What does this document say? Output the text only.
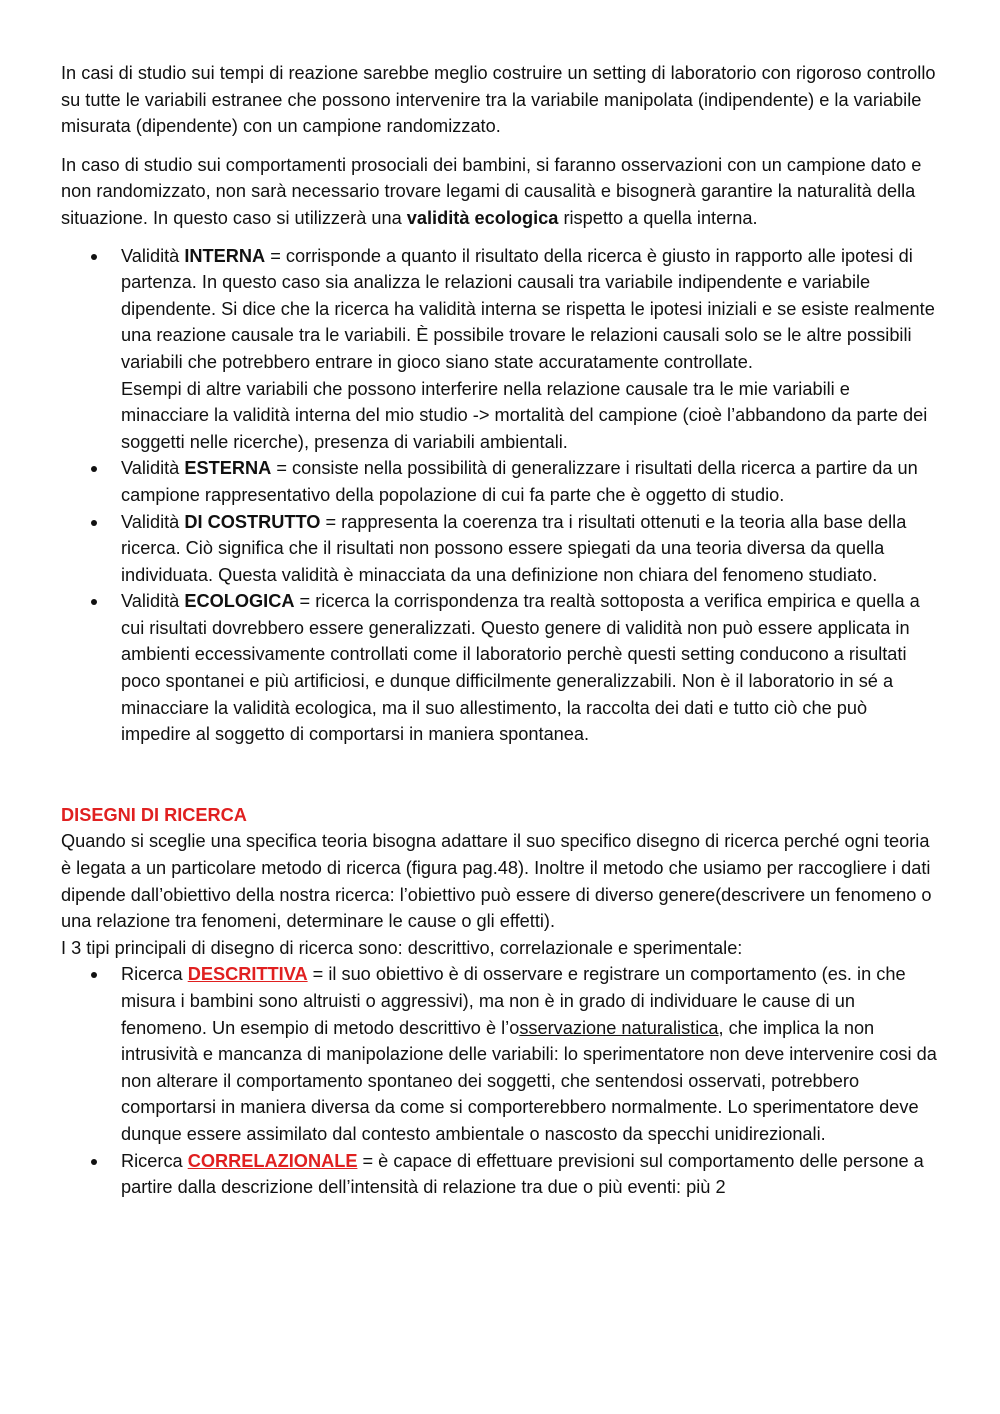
In casi di studio sui tempi di reazione sarebbe meglio costruire un setting di laboratorio con rigoroso controllo su tutte le variabili estranee che possono intervenire tra la variabile manipolata (indipendente) e la variabile misurata (dipendente) con un campione randomizzato.

In caso di studio sui comportamenti prosociali dei bambini, si faranno osservazioni con un campione dato e non randomizzato, non sarà necessario trovare legami di causalità e bisognerà garantire la naturalità della situazione. In questo caso si utilizzerà una validità ecologica rispetto a quella interna.

Validità INTERNA = corrisponde a quanto il risultato della ricerca è giusto in rapporto alle ipotesi di partenza. In questo caso sia analizza le relazioni causali tra variabile indipendente e variabile dipendente. Si dice che la ricerca ha validità interna se rispetta le ipotesi iniziali e se esiste realmente una reazione causale tra le variabili. È possibile trovare le relazioni causali solo se le altre possibili variabili che potrebbero entrare in gioco siano state accuratamente controllate.
Esempi di altre variabili che possono interferire nella relazione causale tra le mie variabili e minacciare la validità interna del mio studio -> mortalità del campione (cioè l’abbandono da parte dei soggetti nelle ricerche), presenza di variabili ambientali.
Validità ESTERNA = consiste nella possibilità di generalizzare i risultati della ricerca a partire da un campione rappresentativo della popolazione di cui fa parte che è oggetto di studio.
Validità DI COSTRUTTO = rappresenta la coerenza tra i risultati ottenuti e la teoria alla base della ricerca. Ciò significa che il risultati non possono essere spiegati da una teoria diversa da quella individuata. Questa validità è minacciata da una definizione non chiara del fenomeno studiato.
Validità ECOLOGICA = ricerca la corrispondenza tra realtà sottoposta a verifica empirica e quella a cui risultati dovrebbero essere generalizzati. Questo genere di validità non può essere applicata in ambienti eccessivamente controllati come il laboratorio perchè questi setting conducono a risultati poco spontanei e più artificiosi, e dunque difficilmente generalizzabili. Non è il laboratorio in sé a minacciare la validità ecologica, ma il suo allestimento, la raccolta dei dati e tutto ciò che può impedire al soggetto di comportarsi in maniera spontanea.

DISEGNI DI RICERCA

Quando si sceglie una specifica teoria bisogna adattare il suo specifico disegno di ricerca perché ogni teoria è legata a un particolare metodo di ricerca (figura pag.48). Inoltre il metodo che usiamo per raccogliere i dati dipende dall’obiettivo della nostra ricerca: l’obiettivo può essere di diverso genere(descrivere un fenomeno o una relazione tra fenomeni, determinare le cause o gli effetti).

I 3 tipi principali di disegno di ricerca sono: descrittivo, correlazionale e sperimentale:

Ricerca DESCRITTIVA = il suo obiettivo è di osservare e registrare un comportamento (es. in che misura i bambini sono altruisti o aggressivi), ma non è in grado di individuare le cause di un fenomeno. Un esempio di metodo descrittivo è l’osservazione naturalistica, che implica la non intrusività e mancanza di manipolazione delle variabili: lo sperimentatore non deve intervenire cosi da non alterare il comportamento spontaneo dei soggetti, che sentendosi osservati, potrebbero comportarsi in maniera diversa da come si comporterebbero normalmente. Lo sperimentatore deve dunque essere assimilato dal contesto ambientale o nascosto da specchi unidirezionali.
Ricerca CORRELAZIONALE = è capace di effettuare previsioni sul comportamento delle persone a partire dalla descrizione dell’intensità di relazione tra due o più eventi: più 2
